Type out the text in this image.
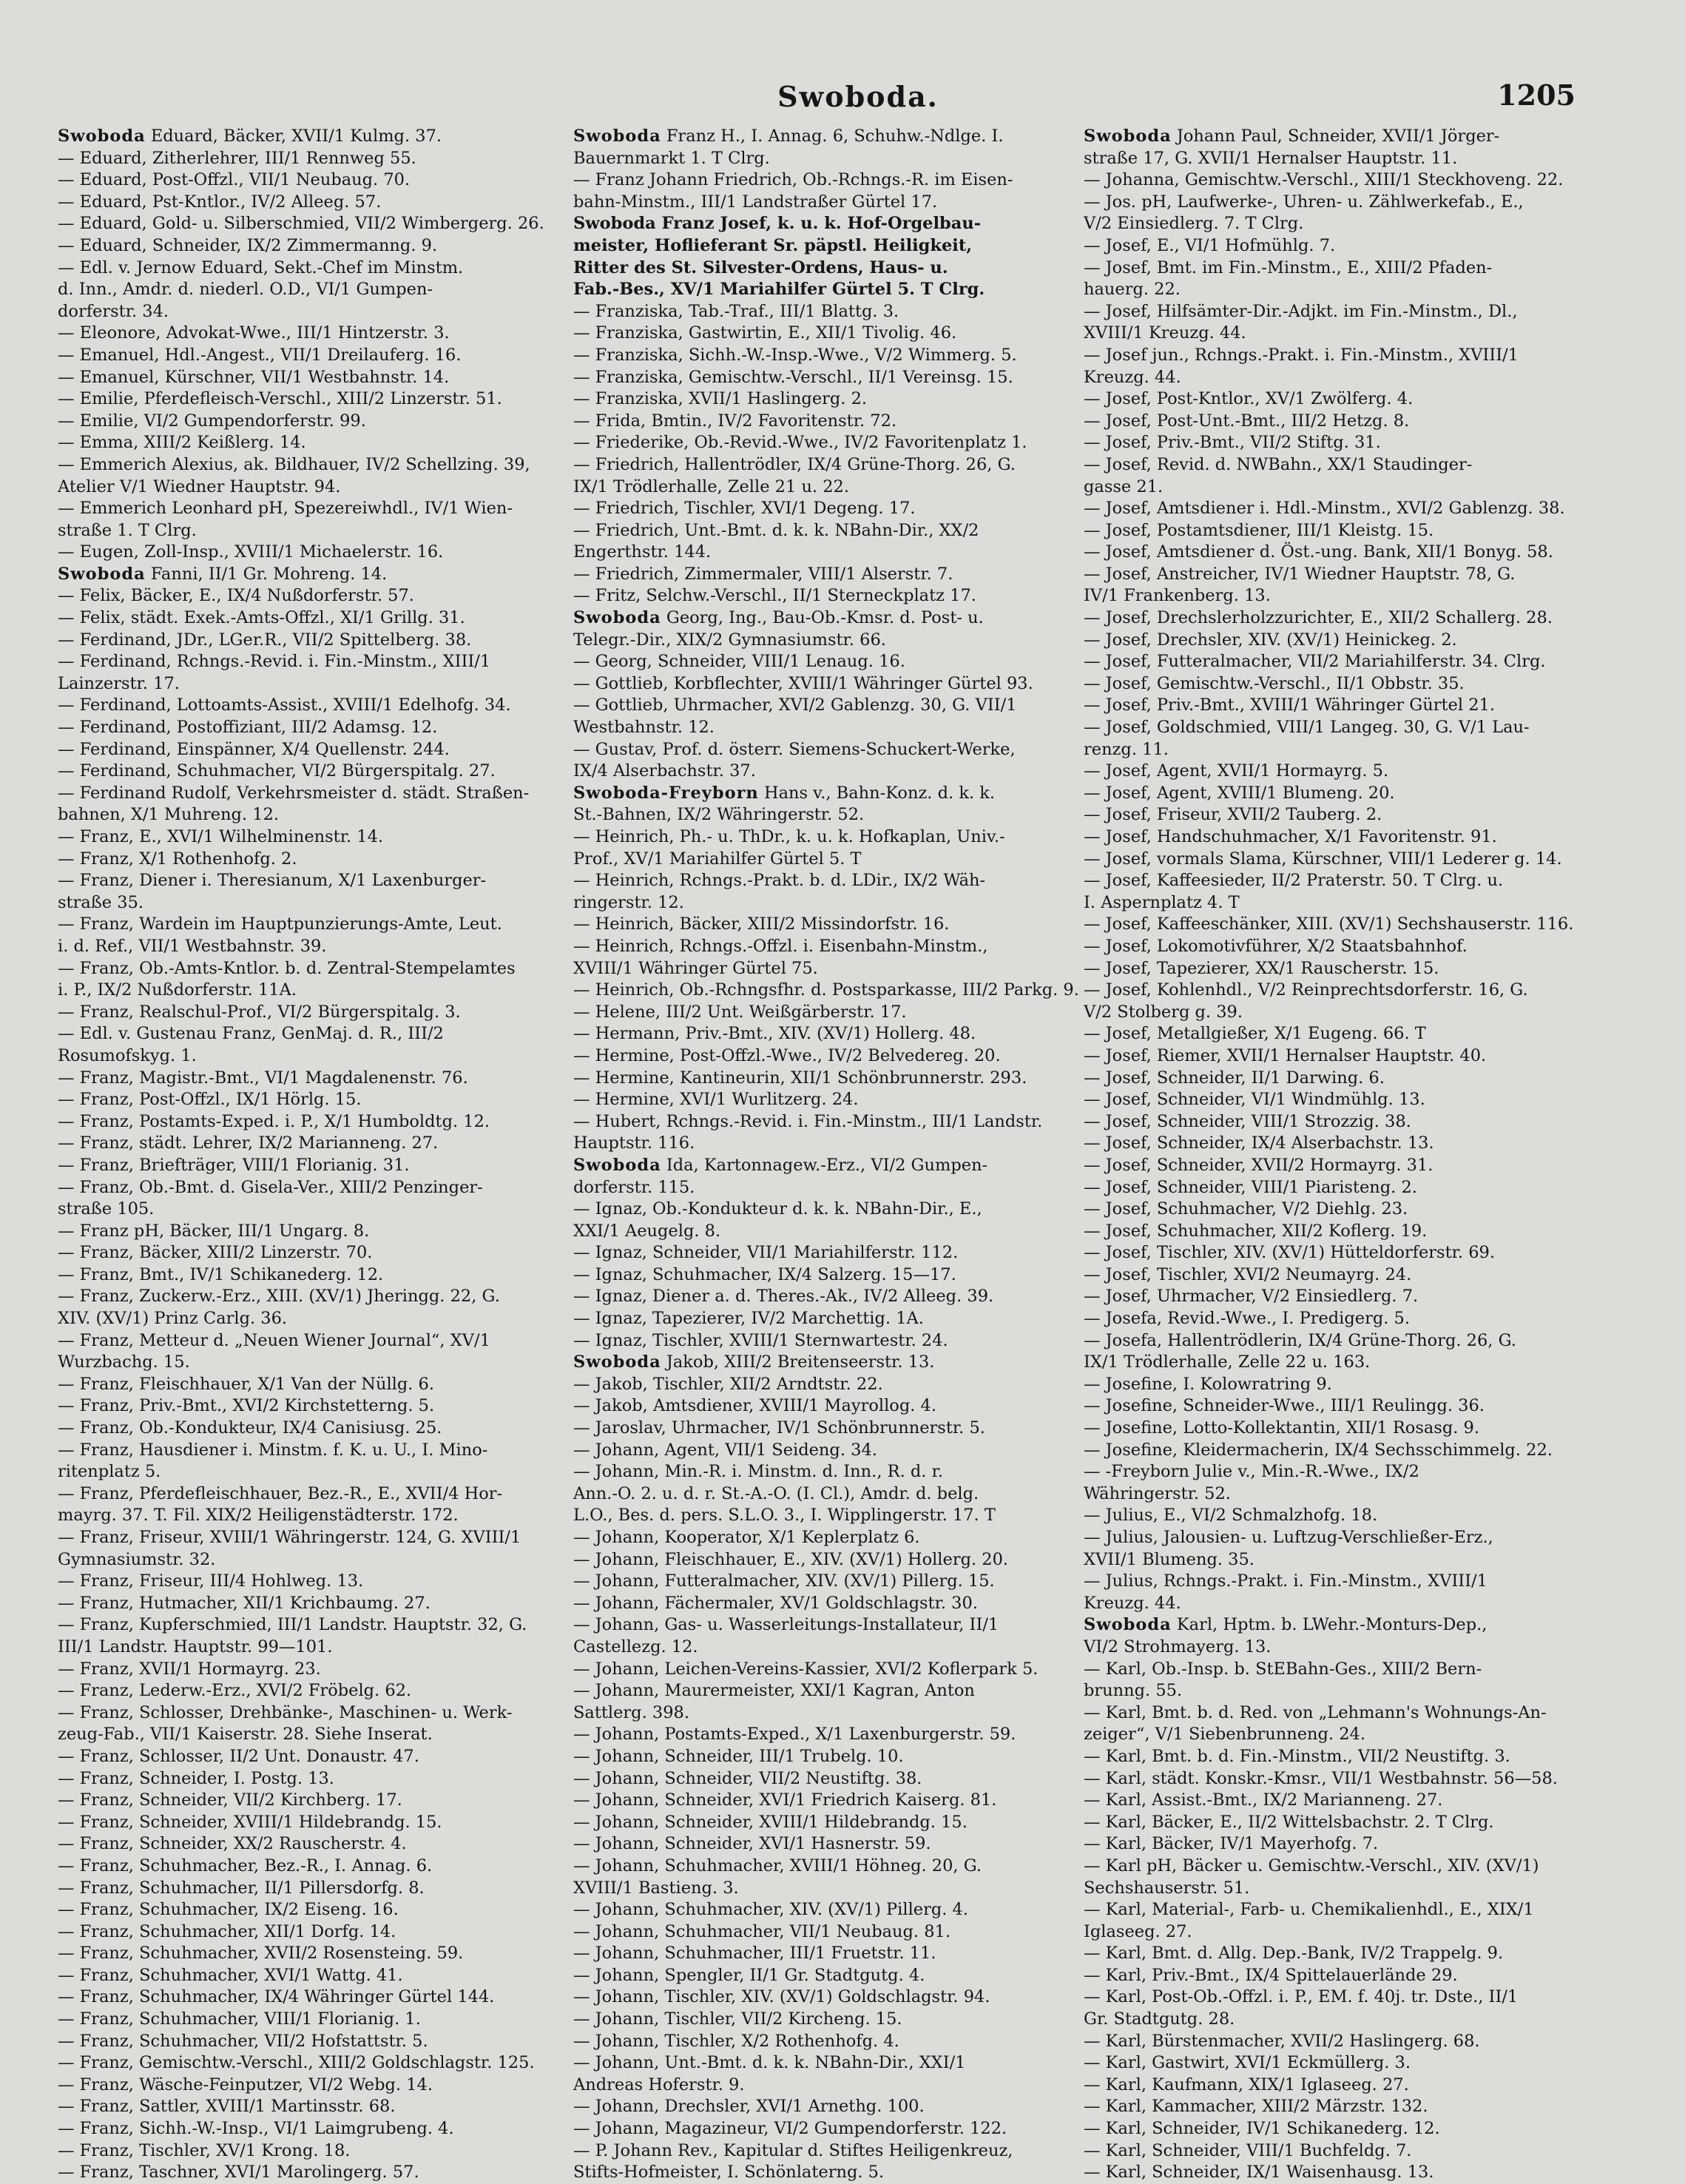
Swoboda.	1205
Swoboda Eduard, Bäcker, XVII/1 Kulmg. 37.
— Eduard, Zitherlehrer, III/1 Rennweg 55.
— Eduard, Post-Offzl., VII/1 Neubaug. 70.
— Eduard, Pst-Kntlor., IV/2 Alleeg. 57.
— Eduard, Gold- u. Silberschmied, VII/2 Wimbergerg. 26.
— Eduard, Schneider, IX/2 Zimmermanng. 9.
— Edl. v. Jernow Eduard, Sekt.-Chef im Minstm.
d. Inn., Amdr. d. niederl. O.D., VI/1 Gumpen-
dorferstr. 34.
— Eleonore, Advokat-Wwe., III/1 Hintzerstr. 3.
— Emanuel, Hdl.-Angest., VII/1 Dreilauferg. 16.
— Emanuel, Kürschner, VII/1 Westbahnstr. 14.
— Emilie, Pferdefleisch-Verschl., XIII/2 Linzerstr. 51.
— Emilie, VI/2 Gumpendorferstr. 99.
— Emma, XIII/2 Keißlerg. 14.
— Emmerich Alexius, ak. Bildhauer, IV/2 Schellzing. 39,
Atelier V/1 Wiedner Hauptstr. 94.
— Emmerich Leonhard pH, Spezereiwhdl., IV/1 Wien-
straße 1. T Clrg.
— Eugen, Zoll-Insp., XVIII/1 Michaelerstr. 16.
Swoboda Fanni, II/1 Gr. Mohreng. 14.
— Felix, Bäcker, E., IX/4 Nußdorferstr. 57.
— Felix, städt. Exek.-Amts-Offzl., XI/1 Grillg. 31.
— Ferdinand, JDr., LGer.R., VII/2 Spittelberg. 38.
— Ferdinand, Rchngs.-Revid. i. Fin.-Minstm., XIII/1
Lainzerstr. 17.
— Ferdinand, Lottoamts-Assist., XVIII/1 Edelhofg. 34.
— Ferdinand, Postoffiziant, III/2 Adamsg. 12.
— Ferdinand, Einspänner, X/4 Quellenstr. 244.
— Ferdinand, Schuhmacher, VI/2 Bürgerspitalg. 27.
— Ferdinand Rudolf, Verkehrsmeister d. städt. Straßen-
bahnen, X/1 Muhreng. 12.
— Franz, E., XVI/1 Wilhelminenstr. 14.
— Franz, X/1 Rothenhofg. 2.
— Franz, Diener i. Theresianum, X/1 Laxenburger-
straße 35.
— Franz, Wardein im Hauptpunzierungs-Amte, Leut.
i. d. Ref., VII/1 Westbahnstr. 39.
— Franz, Ob.-Amts-Kntlor. b. d. Zentral-Stempelamtes
i. P., IX/2 Nußdorferstr. 11A.
— Franz, Realschul-Prof., VI/2 Bürgerspitalg. 3.
— Edl. v. Gustenau Franz, GenMaj. d. R., III/2
Rosumofskyg. 1.
— Franz, Magistr.-Bmt., VI/1 Magdalenenstr. 76.
— Franz, Post-Offzl., IX/1 Hörlg. 15.
— Franz, Postamts-Exped. i. P., X/1 Humboldtg. 12.
— Franz, städt. Lehrer, IX/2 Marianneng. 27.
— Franz, Briefträger, VIII/1 Florianig. 31.
— Franz, Ob.-Bmt. d. Gisela-Ver., XIII/2 Penzinger-
straße 105.
— Franz pH, Bäcker, III/1 Ungarg. 8.
— Franz, Bäcker, XIII/2 Linzerstr. 70.
— Franz, Bmt., IV/1 Schikanederg. 12.
— Franz, Zuckerw.-Erz., XIII. (XV/1) Jheringg. 22, G.
XIV. (XV/1) Prinz Carlg. 36.
— Franz, Metteur d. „Neuen Wiener Journal“, XV/1
Wurzbachg. 15.
— Franz, Fleischhauer, X/1 Van der Nüllg. 6.
— Franz, Priv.-Bmt., XVI/2 Kirchstetterng. 5.
— Franz, Ob.-Kondukteur, IX/4 Canisiusg. 25.
— Franz, Hausdiener i. Minstm. f. K. u. U., I. Mino-
ritenplatz 5.
— Franz, Pferdefleischhauer, Bez.-R., E., XVII/4 Hor-
mayrg. 37. T. Fil. XIX/2 Heiligenstädterstr. 172.
— Franz, Friseur, XVIII/1 Währingerstr. 124, G. XVIII/1
Gymnasiumstr. 32.
— Franz, Friseur, III/4 Hohlweg. 13.
— Franz, Hutmacher, XII/1 Krichbaumg. 27.
— Franz, Kupferschmied, III/1 Landstr. Hauptstr. 32, G.
III/1 Landstr. Hauptstr. 99—101.
— Franz, XVII/1 Hormayrg. 23.
— Franz, Lederw.-Erz., XVI/2 Fröbelg. 62.
— Franz, Schlosser, Drehbänke-, Maschinen- u. Werk-
zeug-Fab., VII/1 Kaiserstr. 28. Siehe Inserat.
— Franz, Schlosser, II/2 Unt. Donaustr. 47.
— Franz, Schneider, I. Postg. 13.
— Franz, Schneider, VII/2 Kirchberg. 17.
— Franz, Schneider, XVIII/1 Hildebrandg. 15.
— Franz, Schneider, XX/2 Rauscherstr. 4.
— Franz, Schuhmacher, Bez.-R., I. Annag. 6.
— Franz, Schuhmacher, II/1 Pillersdorfg. 8.
— Franz, Schuhmacher, IX/2 Eiseng. 16.
— Franz, Schuhmacher, XII/1 Dorfg. 14.
— Franz, Schuhmacher, XVII/2 Rosensteing. 59.
— Franz, Schuhmacher, XVI/1 Wattg. 41.
— Franz, Schuhmacher, IX/4 Währinger Gürtel 144.
— Franz, Schuhmacher, VIII/1 Florianig. 1.
— Franz, Schuhmacher, VII/2 Hofstattstr. 5.
— Franz, Gemischtw.-Verschl., XIII/2 Goldschlagstr. 125.
— Franz, Wäsche-Feinputzer, VI/2 Webg. 14.
— Franz, Sattler, XVIII/1 Martinsstr. 68.
— Franz, Sichh.-W.-Insp., VI/1 Laimgrubeng. 4.
— Franz, Tischler, XV/1 Krong. 18.
— Franz, Taschner, XVI/1 Marolingerg. 57.
Swoboda Franz H., I. Annag. 6, Schuhw.-Ndlge. I.
Bauernmarkt 1. T Clrg.
— Franz Johann Friedrich, Ob.-Rchngs.-R. im Eisen-
bahn-Minstm., III/1 Landstraßer Gürtel 17.
Swoboda Franz Josef, k. u. k. Hof-Orgelbau-
meister, Hoflieferant Sr. päpstl. Heiligkeit,
Ritter des St. Silvester-Ordens, Haus- u.
Fab.-Bes., XV/1 Mariahilfer Gürtel 5. T Clrg.
— Franziska, Tab.-Traf., III/1 Blattg. 3.
— Franziska, Gastwirtin, E., XII/1 Tivolig. 46.
— Franziska, Sichh.-W.-Insp.-Wwe., V/2 Wimmerg. 5.
— Franziska, Gemischtw.-Verschl., II/1 Vereinsg. 15.
— Franziska, XVII/1 Haslingerg. 2.
— Frida, Bmtin., IV/2 Favoritenstr. 72.
— Friederike, Ob.-Revid.-Wwe., IV/2 Favoritenplatz 1.
— Friedrich, Hallentrödler, IX/4 Grüne-Thorg. 26, G.
IX/1 Trödlerhalle, Zelle 21 u. 22.
— Friedrich, Tischler, XVI/1 Degeng. 17.
— Friedrich, Unt.-Bmt. d. k. k. NBahn-Dir., XX/2
Engerthstr. 144.
— Friedrich, Zimmermaler, VIII/1 Alserstr. 7.
— Fritz, Selchw.-Verschl., II/1 Sterneckplatz 17.
Swoboda Georg, Ing., Bau-Ob.-Kmsr. d. Post- u.
Telegr.-Dir., XIX/2 Gymnasiumstr. 66.
— Georg, Schneider, VIII/1 Lenaug. 16.
— Gottlieb, Korbflechter, XVIII/1 Währinger Gürtel 93.
— Gottlieb, Uhrmacher, XVI/2 Gablenzg. 30, G. VII/1
Westbahnstr. 12.
— Gustav, Prof. d. österr. Siemens-Schuckert-Werke,
IX/4 Alserbachstr. 37.
Swoboda-Freyborn Hans v., Bahn-Konz. d. k. k.
St.-Bahnen, IX/2 Währingerstr. 52.
— Heinrich, Ph.- u. ThDr., k. u. k. Hofkaplan, Univ.-
Prof., XV/1 Mariahilfer Gürtel 5. T
— Heinrich, Rchngs.-Prakt. b. d. LDir., IX/2 Wäh-
ringerstr. 12.
— Heinrich, Bäcker, XIII/2 Missindorfstr. 16.
— Heinrich, Rchngs.-Offzl. i. Eisenbahn-Minstm.,
XVIII/1 Währinger Gürtel 75.
— Heinrich, Ob.-Rchngsfhr. d. Postsparkasse, III/2 Parkg. 9.
— Helene, III/2 Unt. Weißgärberstr. 17.
— Hermann, Priv.-Bmt., XIV. (XV/1) Hollerg. 48.
— Hermine, Post-Offzl.-Wwe., IV/2 Belvedereg. 20.
— Hermine, Kantineurin, XII/1 Schönbrunnerstr. 293.
— Hermine, XVI/1 Wurlitzerg. 24.
— Hubert, Rchngs.-Revid. i. Fin.-Minstm., III/1 Landstr.
Hauptstr. 116.
Swoboda Ida, Kartonnagew.-Erz., VI/2 Gumpen-
dorferstr. 115.
— Ignaz, Ob.-Kondukteur d. k. k. NBahn-Dir., E.,
XXI/1 Aeugelg. 8.
— Ignaz, Schneider, VII/1 Mariahilferstr. 112.
— Ignaz, Schuhmacher, IX/4 Salzerg. 15—17.
— Ignaz, Diener a. d. Theres.-Ak., IV/2 Alleeg. 39.
— Ignaz, Tapezierer, IV/2 Marchettig. 1A.
— Ignaz, Tischler, XVIII/1 Sternwartestr. 24.
Swoboda Jakob, XIII/2 Breitenseerstr. 13.
— Jakob, Tischler, XII/2 Arndtstr. 22.
— Jakob, Amtsdiener, XVIII/1 Mayrollog. 4.
— Jaroslav, Uhrmacher, IV/1 Schönbrunnerstr. 5.
— Johann, Agent, VII/1 Seideng. 34.
— Johann, Min.-R. i. Minstm. d. Inn., R. d. r.
Ann.-O. 2. u. d. r. St.-A.-O. (I. Cl.), Amdr. d. belg.
L.O., Bes. d. pers. S.L.O. 3., I. Wipplingerstr. 17. T
— Johann, Kooperator, X/1 Keplerplatz 6.
— Johann, Fleischhauer, E., XIV. (XV/1) Hollerg. 20.
— Johann, Futteralmacher, XIV. (XV/1) Pillerg. 15.
— Johann, Fächermaler, XV/1 Goldschlagstr. 30.
— Johann, Gas- u. Wasserleitungs-Installateur, II/1
Castellezg. 12.
— Johann, Leichen-Vereins-Kassier, XVI/2 Koflerpark 5.
— Johann, Maurermeister, XXI/1 Kagran, Anton
Sattlerg. 398.
— Johann, Postamts-Exped., X/1 Laxenburgerstr. 59.
— Johann, Schneider, III/1 Trubelg. 10.
— Johann, Schneider, VII/2 Neustiftg. 38.
— Johann, Schneider, XVI/1 Friedrich Kaiserg. 81.
— Johann, Schneider, XVIII/1 Hildebrandg. 15.
— Johann, Schneider, XVI/1 Hasnerstr. 59.
— Johann, Schuhmacher, XVIII/1 Höhneg. 20, G.
XVIII/1 Bastieng. 3.
— Johann, Schuhmacher, XIV. (XV/1) Pillerg. 4.
— Johann, Schuhmacher, VII/1 Neubaug. 81.
— Johann, Schuhmacher, III/1 Fruetstr. 11.
— Johann, Spengler, II/1 Gr. Stadtgutg. 4.
— Johann, Tischler, XIV. (XV/1) Goldschlagstr. 94.
— Johann, Tischler, VII/2 Kircheng. 15.
— Johann, Tischler, X/2 Rothenhofg. 4.
— Johann, Unt.-Bmt. d. k. k. NBahn-Dir., XXI/1
Andreas Hoferstr. 9.
— Johann, Drechsler, XVI/1 Arnethg. 100.
— Johann, Magazineur, VI/2 Gumpendorferstr. 122.
— P. Johann Rev., Kapitular d. Stiftes Heiligenkreuz,
Stifts-Hofmeister, I. Schönlaterng. 5.
Swoboda Johann Paul, Schneider, XVII/1 Jörger-
straße 17, G. XVII/1 Hernalser Hauptstr. 11.
— Johanna, Gemischtw.-Verschl., XIII/1 Steckhoveng. 22.
— Jos. pH, Laufwerke-, Uhren- u. Zählwerkefab., E.,
V/2 Einsiedlerg. 7. T Clrg.
— Josef, E., VI/1 Hofmühlg. 7.
— Josef, Bmt. im Fin.-Minstm., E., XIII/2 Pfaden-
hauerg. 22.
— Josef, Hilfsämter-Dir.-Adjkt. im Fin.-Minstm., Dl.,
XVIII/1 Kreuzg. 44.
— Josef jun., Rchngs.-Prakt. i. Fin.-Minstm., XVIII/1
Kreuzg. 44.
— Josef, Post-Kntlor., XV/1 Zwölferg. 4.
— Josef, Post-Unt.-Bmt., III/2 Hetzg. 8.
— Josef, Priv.-Bmt., VII/2 Stiftg. 31.
— Josef, Revid. d. NWBahn., XX/1 Staudinger-
gasse 21.
— Josef, Amtsdiener i. Hdl.-Minstm., XVI/2 Gablenzg. 38.
— Josef, Postamtsdiener, III/1 Kleistg. 15.
— Josef, Amtsdiener d. Öst.-ung. Bank, XII/1 Bonyg. 58.
— Josef, Anstreicher, IV/1 Wiedner Hauptstr. 78, G.
IV/1 Frankenberg. 13.
— Josef, Drechslerholzzurichter, E., XII/2 Schallerg. 28.
— Josef, Drechsler, XIV. (XV/1) Heinickeg. 2.
— Josef, Futteralmacher, VII/2 Mariahilferstr. 34. Clrg.
— Josef, Gemischtw.-Verschl., II/1 Obbstr. 35.
— Josef, Priv.-Bmt., XVIII/1 Währinger Gürtel 21.
— Josef, Goldschmied, VIII/1 Langeg. 30, G. V/1 Lau-
renzg. 11.
— Josef, Agent, XVII/1 Hormayrg. 5.
— Josef, Agent, XVIII/1 Blumeng. 20.
— Josef, Friseur, XVII/2 Tauberg. 2.
— Josef, Handschuhmacher, X/1 Favoritenstr. 91.
— Josef, vormals Slama, Kürschner, VIII/1 Lederer g. 14.
— Josef, Kaffeesieder, II/2 Praterstr. 50. T Clrg. u.
I. Aspernplatz 4. T
— Josef, Kaffeeschänker, XIII. (XV/1) Sechshauserstr. 116.
— Josef, Lokomotivführer, X/2 Staatsbahnhof.
— Josef, Tapezierer, XX/1 Rauscherstr. 15.
— Josef, Kohlenhdl., V/2 Reinprechtsdorferstr. 16, G.
V/2 Stolberg g. 39.
— Josef, Metallgießer, X/1 Eugeng. 66. T
— Josef, Riemer, XVII/1 Hernalser Hauptstr. 40.
— Josef, Schneider, II/1 Darwing. 6.
— Josef, Schneider, VI/1 Windmühlg. 13.
— Josef, Schneider, VIII/1 Strozzig. 38.
— Josef, Schneider, IX/4 Alserbachstr. 13.
— Josef, Schneider, XVII/2 Hormayrg. 31.
— Josef, Schneider, VIII/1 Piaristeng. 2.
— Josef, Schuhmacher, V/2 Diehlg. 23.
— Josef, Schuhmacher, XII/2 Koflerg. 19.
— Josef, Tischler, XIV. (XV/1) Hütteldorferstr. 69.
— Josef, Tischler, XVI/2 Neumayrg. 24.
— Josef, Uhrmacher, V/2 Einsiedlerg. 7.
— Josefa, Revid.-Wwe., I. Predigerg. 5.
— Josefa, Hallentrödlerin, IX/4 Grüne-Thorg. 26, G.
IX/1 Trödlerhalle, Zelle 22 u. 163.
— Josefine, I. Kolowratring 9.
— Josefine, Schneider-Wwe., III/1 Reulingg. 36.
— Josefine, Lotto-Kollektantin, XII/1 Rosasg. 9.
— Josefine, Kleidermacherin, IX/4 Sechsschimmelg. 22.
— -Freyborn Julie v., Min.-R.-Wwe., IX/2
Währingerstr. 52.
— Julius, E., VI/2 Schmalzhofg. 18.
— Julius, Jalousien- u. Luftzug-Verschließer-Erz.,
XVII/1 Blumeng. 35.
— Julius, Rchngs.-Prakt. i. Fin.-Minstm., XVIII/1
Kreuzg. 44.
Swoboda Karl, Hptm. b. LWehr.-Monturs-Dep.,
VI/2 Strohmayerg. 13.
— Karl, Ob.-Insp. b. StEBahn-Ges., XIII/2 Bern-
brunng. 55.
— Karl, Bmt. b. d. Red. von „Lehmann's Wohnungs-An-
zeiger“, V/1 Siebenbrunneng. 24.
— Karl, Bmt. b. d. Fin.-Minstm., VII/2 Neustiftg. 3.
— Karl, städt. Konskr.-Kmsr., VII/1 Westbahnstr. 56—58.
— Karl, Assist.-Bmt., IX/2 Marianneng. 27.
— Karl, Bäcker, E., II/2 Wittelsbachstr. 2. T Clrg.
— Karl, Bäcker, IV/1 Mayerhofg. 7.
— Karl pH, Bäcker u. Gemischtw.-Verschl., XIV. (XV/1)
Sechshauserstr. 51.
— Karl, Material-, Farb- u. Chemikalienhdl., E., XIX/1
Iglaseeg. 27.
— Karl, Bmt. d. Allg. Dep.-Bank, IV/2 Trappelg. 9.
— Karl, Priv.-Bmt., IX/4 Spittelauerlände 29.
— Karl, Post-Ob.-Offzl. i. P., EM. f. 40j. tr. Dste., II/1
Gr. Stadtgutg. 28.
— Karl, Bürstenmacher, XVII/2 Haslingerg. 68.
— Karl, Gastwirt, XVI/1 Eckmüllerg. 3.
— Karl, Kaufmann, XIX/1 Iglaseeg. 27.
— Karl, Kammacher, XIII/2 Märzstr. 132.
— Karl, Schneider, IV/1 Schikanederg. 12.
— Karl, Schneider, VIII/1 Buchfeldg. 7.
— Karl, Schneider, IX/1 Waisenhausg. 13.
